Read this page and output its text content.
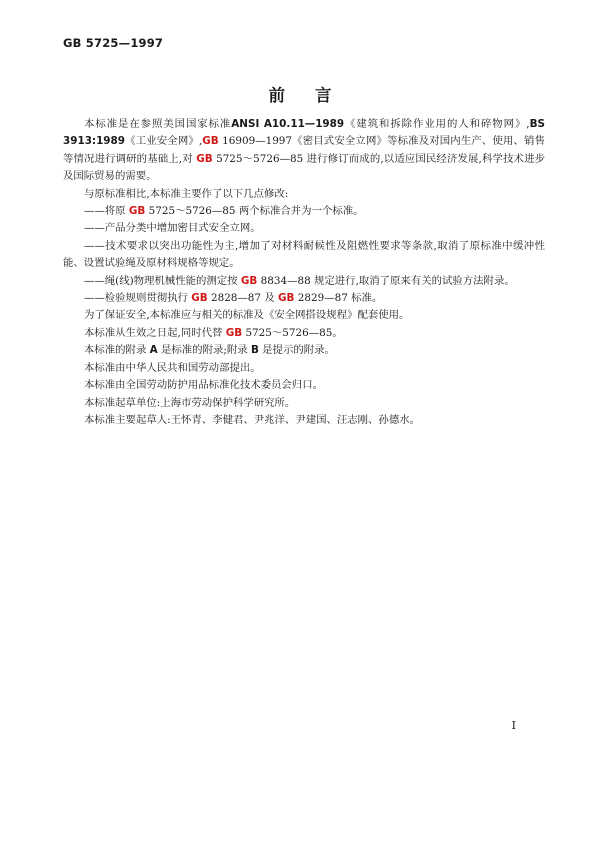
GB 5725—1997
前言

本标准是在参照美国国家标准ANSI A10.11—1989《建筑和拆除作业用的人和碎物网》,BS 3913:1989《工业安全网》,GB 16909—1997《密目式安全立网》等标准及对国内生产、使用、销售等情况进行调研的基础上,对 GB 5725～5726—85 进行修订而成的,以适应国民经济发展,科学技术进步及国际贸易的需要。

与原标准相比,本标准主要作了以下几点修改:

——将原 GB 5725～5726—85 两个标准合并为一个标准。

——产品分类中增加密目式安全立网。

——技术要求以突出功能性为主,增加了对材料耐候性及阻燃性要求等条款,取消了原标准中缓冲性能、设置试验绳及原材料规格等规定。

——绳(线)物理机械性能的测定按 GB 8834—88 规定进行,取消了原来有关的试验方法附录。

——检验规则贯彻执行 GB 2828—87 及 GB 2829—87 标准。

为了保证安全,本标准应与相关的标准及《安全网搭设规程》配套使用。

本标准从生效之日起,同时代替 GB 5725～5726—85。

本标准的附录 A 是标准的附录;附录 B 是提示的附录。

本标准由中华人民共和国劳动部提出。

本标准由全国劳动防护用品标准化技术委员会归口。

本标准起草单位:上海市劳动保护科学研究所。

本标准主要起草人:王怀青、李健君、尹兆洋、尹建国、汪志刚、孙德水。

I
